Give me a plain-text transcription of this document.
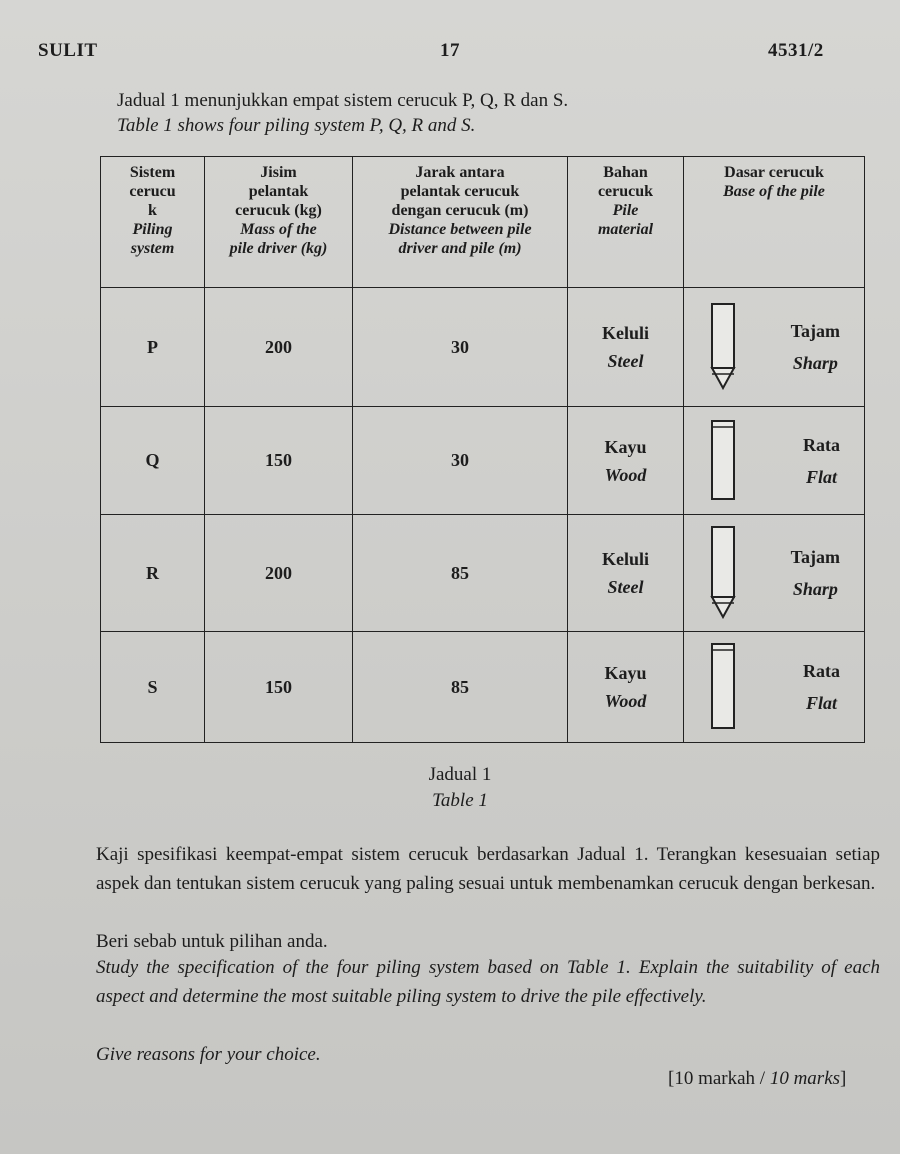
SULIT	17	4531/2
Jadual 1 menunjukkan empat sistem cerucuk P, Q, R dan S.
Table 1 shows four piling system P, Q, R and S.
Sistem
cerucu
k
Piling
system	Jisim
pelantak
cerucuk (kg)
Mass of the
pile driver (kg)	Jarak antara
pelantak cerucuk
dengan cerucuk (m)
Distance between pile
driver and pile (m)	Bahan
cerucuk
Pile
material	Dasar cerucuk
Base of the pile

P	200	30	Keluli
Steel	Tajam
Sharp

Q	150	30	Kayu
Wood	Rata
Flat

R	200	85	Keluli
Steel	Tajam
Sharp

S	150	85	Kayu
Wood	Rata
Flat
Jadual 1
Table 1
Kaji spesifikasi keempat-empat sistem cerucuk berdasarkan Jadual 1. Terangkan kesesuaian setiap aspek dan tentukan sistem cerucuk yang paling sesuai untuk membenamkan cerucuk dengan berkesan.
Beri sebab untuk pilihan anda.
Study the specification of the four piling system based on Table 1. Explain the suitability of each aspect and determine the most suitable piling system to drive the pile effectively.
Give reasons for your choice.
[10 markah / 10 marks]
